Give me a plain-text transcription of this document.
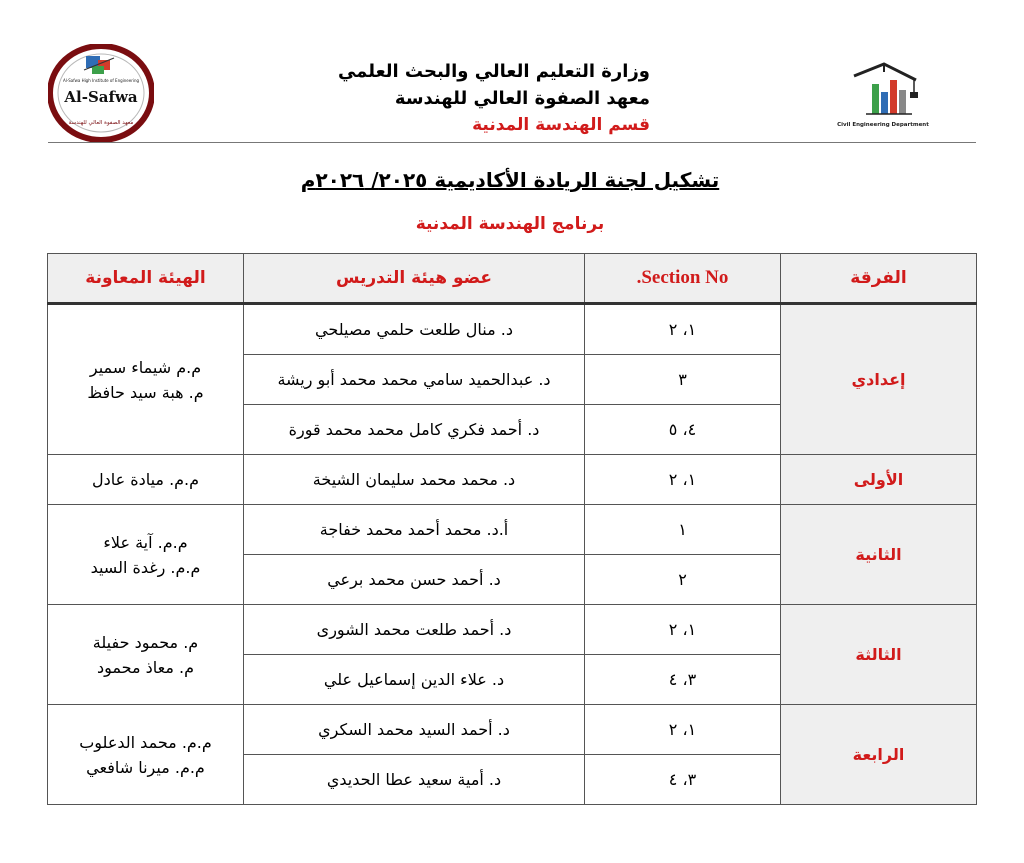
Al-Safwa High Institute of Engineering
Al-Safwa
معهد الصفوة العالي للهندسة
وزارة التعليم العالي والبحث العلمي
معهد الصفوة العالي للهندسة
قسم الهندسة المدنية	Civil Engineering Department
تشكيل لجنة الريادة الأكاديمية ٢٠٢٥/ ٢٠٢٦م
برنامج الهندسة المدنية
الفرقة	Section No.	عضو هيئة التدريس	الهيئة المعاونة
إعدادي	١، ٢	د. منال طلعت حلمي مصيلحي	م.م شيماء سمير
م. هبة سيد حافظ

	٣	د. عبدالحميد سامي محمد محمد أبو ريشة	
	٤، ٥	د. أحمد فكري كامل محمد محمد قورة	
الأولى	١، ٢	د. محمد محمد سليمان الشيخة	م.م. ميادة عادل

الثانية	١	أ.د. محمد أحمد محمد خفاجة	م.م. آية علاء
م.م. رغدة السيد

	٢	د. أحمد حسن محمد برعي	
الثالثة	١، ٢	د. أحمد طلعت محمد الشورى	م. محمود حفيلة
م. معاذ محمود

	٣، ٤	د. علاء الدين إسماعيل علي	
الرابعة	١، ٢	د. أحمد السيد محمد السكري	م.م. محمد الدعلوب
م.م. ميرنا شافعي

	٣، ٤	د. أمية سعيد عطا الحديدي	
